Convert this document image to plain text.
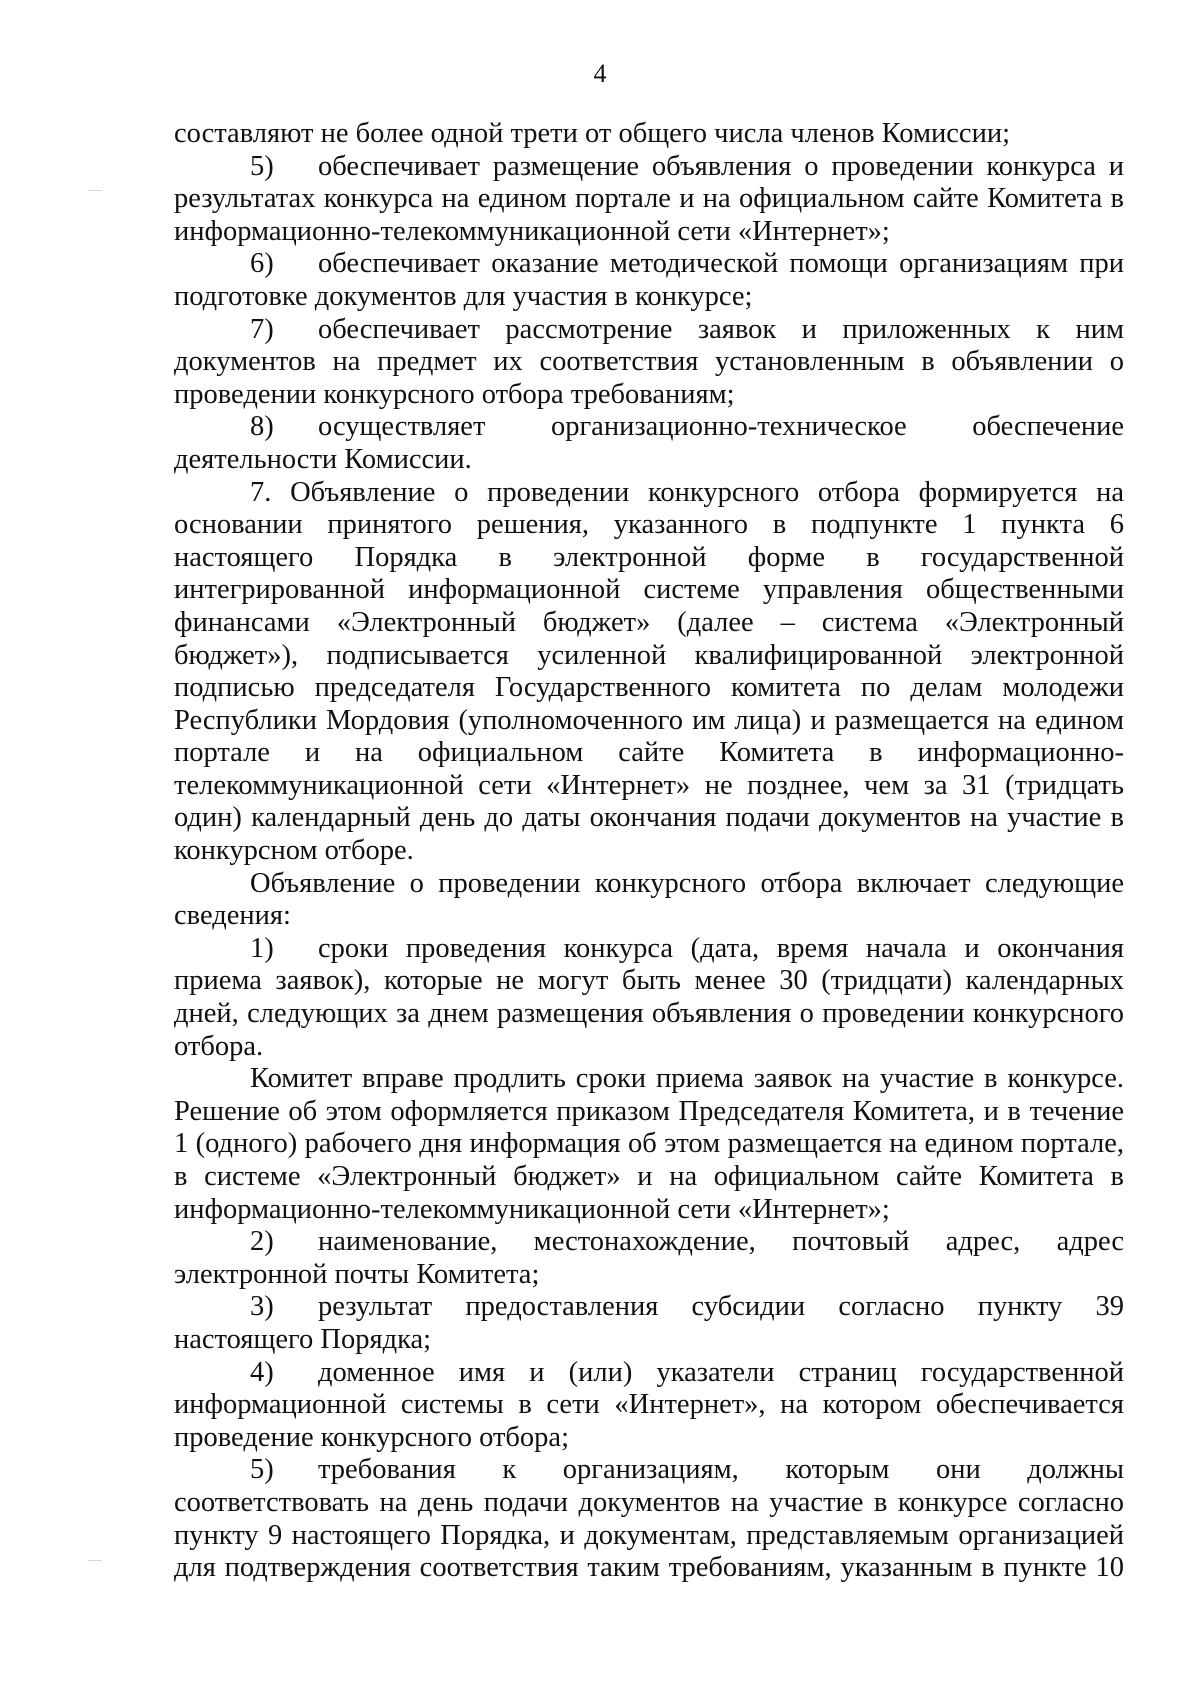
4

составляют не более одной трети от общего числа членов Комиссии;

5) обеспечивает размещение объявления о проведении конкурса и результатах конкурса на едином портале и на официальном сайте Комитета в информационно-телекоммуникационной сети «Интернет»;

6) обеспечивает оказание методической помощи организациям при подготовке документов для участия в конкурсе;

7) обеспечивает рассмотрение заявок и приложенных к ним документов на предмет их соответствия установленным в объявлении о проведении конкурсного отбора требованиям;

8) осуществляет организационно-техническое обеспечение деятельности Комиссии.

7. Объявление о проведении конкурсного отбора формируется на основании принятого решения, указанного в подпункте 1 пункта 6 настоящего Порядка в электронной форме в государственной интегрированной информационной системе управления общественными финансами «Электронный бюджет» (далее – система «Электронный бюджет»), подписывается усиленной квалифицированной электронной подписью председателя Государственного комитета по делам молодежи Республики Мордовия (уполномоченного им лица) и размещается на едином портале и на официальном сайте Комитета в информационно-телекоммуникационной сети «Интернет» не позднее, чем за 31 (тридцать один) календарный день до даты окончания подачи документов на участие в конкурсном отборе.

Объявление о проведении конкурсного отбора включает следующие сведения:

1) сроки проведения конкурса (дата, время начала и окончания приема заявок), которые не могут быть менее 30 (тридцати) календарных дней, следующих за днем размещения объявления о проведении конкурсного отбора.

Комитет вправе продлить сроки приема заявок на участие в конкурсе. Решение об этом оформляется приказом Председателя Комитета, и в течение 1 (одного) рабочего дня информация об этом размещается на едином портале, в системе «Электронный бюджет» и на официальном сайте Комитета в информационно-телекоммуникационной сети «Интернет»;

2) наименование, местонахождение, почтовый адрес, адрес электронной почты Комитета;

3) результат предоставления субсидии согласно пункту 39 настоящего Порядка;

4) доменное имя и (или) указатели страниц государственной информационной системы в сети «Интернет», на котором обеспечивается проведение конкурсного отбора;

5) требования к организациям, которым они должны соответствовать на день подачи документов на участие в конкурсе согласно пункту 9 настоящего Порядка, и документам, представляемым организацией для подтверждения соответствия таким требованиям, указанным в пункте 10
